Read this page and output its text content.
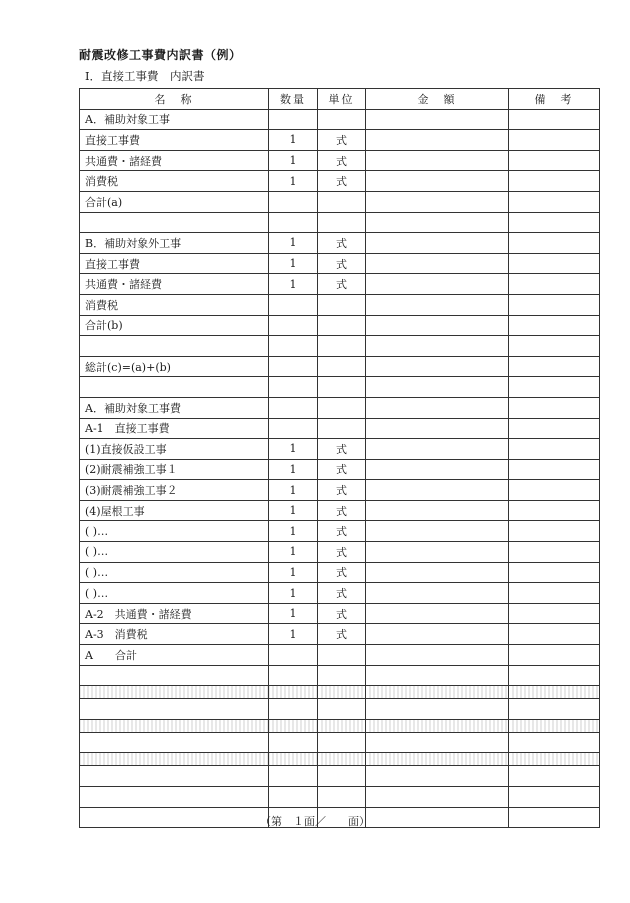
耐震改修工事費内訳書（例）
Ⅰ．直接工事費　内訳書
名　称	数量	単位	金　額	備　考
A．補助対象工事				
直接工事費	1	式		
共通費・諸経費	1	式		
消費税	1	式		
合計(a)				

B．補助対象外工事	1	式		
直接工事費	1	式		
共通費・諸経費	1	式		
消費税				
合計(b)				

総計(c)=(a)+(b)				

A．補助対象工事費				
A-1　直接工事費				
(1)直接仮設工事	1	式		
(2)耐震補強工事１	1	式		
(3)耐震補強工事２	1	式		
(4)屋根工事	1	式		
( )…	1	式		
( )…	1	式		
( )…	1	式		
( )…	1	式		
A-2　共通費・諸経費	1	式		
A-3　消費税	1	式		
A　　合計				

（第　１面／　　面）
